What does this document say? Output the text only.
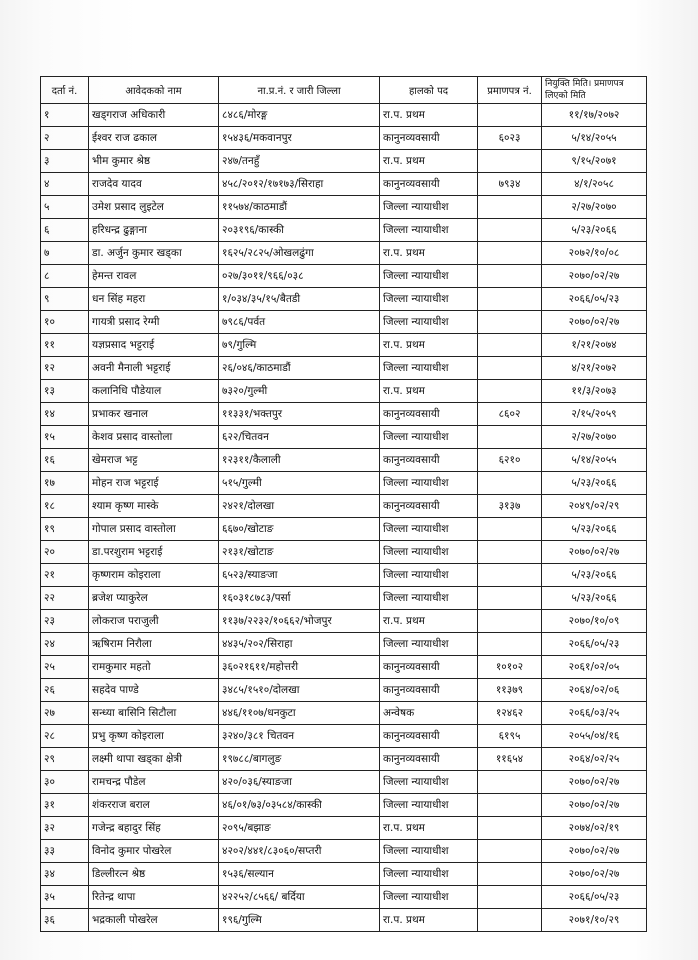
दर्ता नं.	आवेदकको नाम	ना.प्र.नं. र जारी जिल्ला	हालको पद	प्रमाणपत्र नं.	नियुक्ति मिति। प्रमाणपत्र लिएको मिति
१	खड्गराज अधिकारी	८४८६/मोरङ्ग	रा.प. प्रथम		११/१७/२०७२
२	ईश्वर राज ढकाल	१५४३६/मकवानपुर	कानुनव्यवसायी	६०२३	५/१४/२०५५
३	भीम कुमार श्रेष्ठ	२४७/तनहुँ	रा.प. प्रथम		९/१५/२०७१
४	राजदेव यादव	४५८/२०१२/१७१७३/सिराहा	कानुनव्यवसायी	७९३४	४/१/२०५८
५	उमेश प्रसाद लुइटेल	११५७४/काठमाडौं	जिल्ला न्यायाधीश		२/२७/२०७०
६	हरिधन्द्र ढुङ्गाना	२०३१९६/कास्की	जिल्ला न्यायाधीश		५/२३/२०६६
७	डा. अर्जुन कुमार खड्का	१६२५/२८२५/ओखलढुंगा	रा.प. प्रथम		२०७२/१०/०८
८	हेमन्त रावल	०२७/३०११/९६६/०३८	जिल्ला न्यायाधीश		२०७०/०२/२७
९	धन सिंह महरा	१/०३४/३५/१५/बैतडी	जिल्ला न्यायाधीश		२०६६/०५/२३
१०	गायत्री प्रसाद रेग्मी	७९८६/पर्वत	जिल्ला न्यायाधीश		२०७०/०२/२७
११	यज्ञप्रसाद भट्टराई	७९/गुल्मि	रा.प. प्रथम		१/२१/२०७४
१२	अवनी मैनाली भट्टराई	२६/०४६/काठमाडौं	जिल्ला न्यायाधीश		४/२१/२०७२
१३	कलानिधि पौडेयाल	७३२०/गुल्मी	रा.प. प्रथम		११/३/२०७३
१४	प्रभाकर खनाल	११३३१/भक्तपुर	कानुनव्यवसायी	८६०२	२/१५/२०५९
१५	केशव प्रसाद वास्तोला	६२२/चितवन	जिल्ला न्यायाधीश		२/२७/२०७०
१६	खेमराज भट्ट	१२३११/कैलाली	कानुनव्यवसायी	६२१०	५/१४/२०५५
१७	मोहन राज भट्टराई	५१५/गुल्मी	जिल्ला न्यायाधीश		५/२३/२०६६
१८	श्याम कृष्ण मास्के	२४२१/दोलखा	कानुनव्यवसायी	३१३७	२०४९/०२/२९
१९	गोपाल प्रसाद वास्तोला	६६७०/खोटाङ	जिल्ला न्यायाधीश		५/२३/२०६६
२०	डा.परशुराम भट्टराई	२१३१/खोटाङ	जिल्ला न्यायाधीश		२०७०/०२/२७
२१	कृष्णराम कोइराला	६५२३/स्याङजा	जिल्ला न्यायाधीश		५/२३/२०६६
२२	ब्रजेश प्याकुरेल	१६०३१८७८३/पर्सा	जिल्ला न्यायाधीश		५/२३/२०६६
२३	लोकराज पराजुली	११३७/२२३२/१०६६२/भोजपुर	रा.प. प्रथम		२०७०/१०/०९
२४	ऋषिराम निरौला	४४३५/२०२/सिराहा	जिल्ला न्यायाधीश		२०६६/०५/२३
२५	रामकुमार महतो	३६०२१६११/महोत्तरी	कानुनव्यवसायी	१०१०२	२०६१/०२/०५
२६	सहदेव पाण्डे	३४८५/१५१०/दोलखा	कानुनव्यवसायी	११३७९	२०६४/०२/०६
२७	सन्ध्या बासिनि सिटौला	४४६/११०७/धनकुटा	अन्वेषक	१२४६२	२०६६/०३/२५
२८	प्रभु कृष्ण कोइराला	३२४०/३८१ चितवन	कानुनव्यवसायी	६१९५	२०५५/०४/१६
२९	लक्ष्मी थापा खड्का क्षेत्री	१९७८८/बागलुङ	कानुनव्यवसायी	११६५४	२०६४/०२/२५
३०	रामचन्द्र पौडेल	४२०/०३६/स्याङजा	जिल्ला न्यायाधीश		२०७०/०२/२७
३१	शंकरराज बराल	४६/०१/७३/०३५८४/कास्की	जिल्ला न्यायाधीश		२०७०/०२/२७
३२	गजेन्द्र बहादुर सिंह	२०९५/बझाङ	रा.प. प्रथम		२०७४/०२/१९
३३	विनोद कुमार पोखरेल	४२०२/४४१/८३०६०/सप्तरी	जिल्ला न्यायाधीश		२०७०/०२/२७
३४	डिल्लीरत्न श्रेष्ठ	१५३६/सल्यान	जिल्ला न्यायाधीश		२०७०/०२/२७
३५	रितेन्द्र थापा	४२२५२/८५६६/ बर्दिया	जिल्ला न्यायाधीश		२०६६/०५/२३
३६	भद्रकाली पोखरेल	१९६/गुल्मि	रा.प. प्रथम		२०७१/१०/२९
